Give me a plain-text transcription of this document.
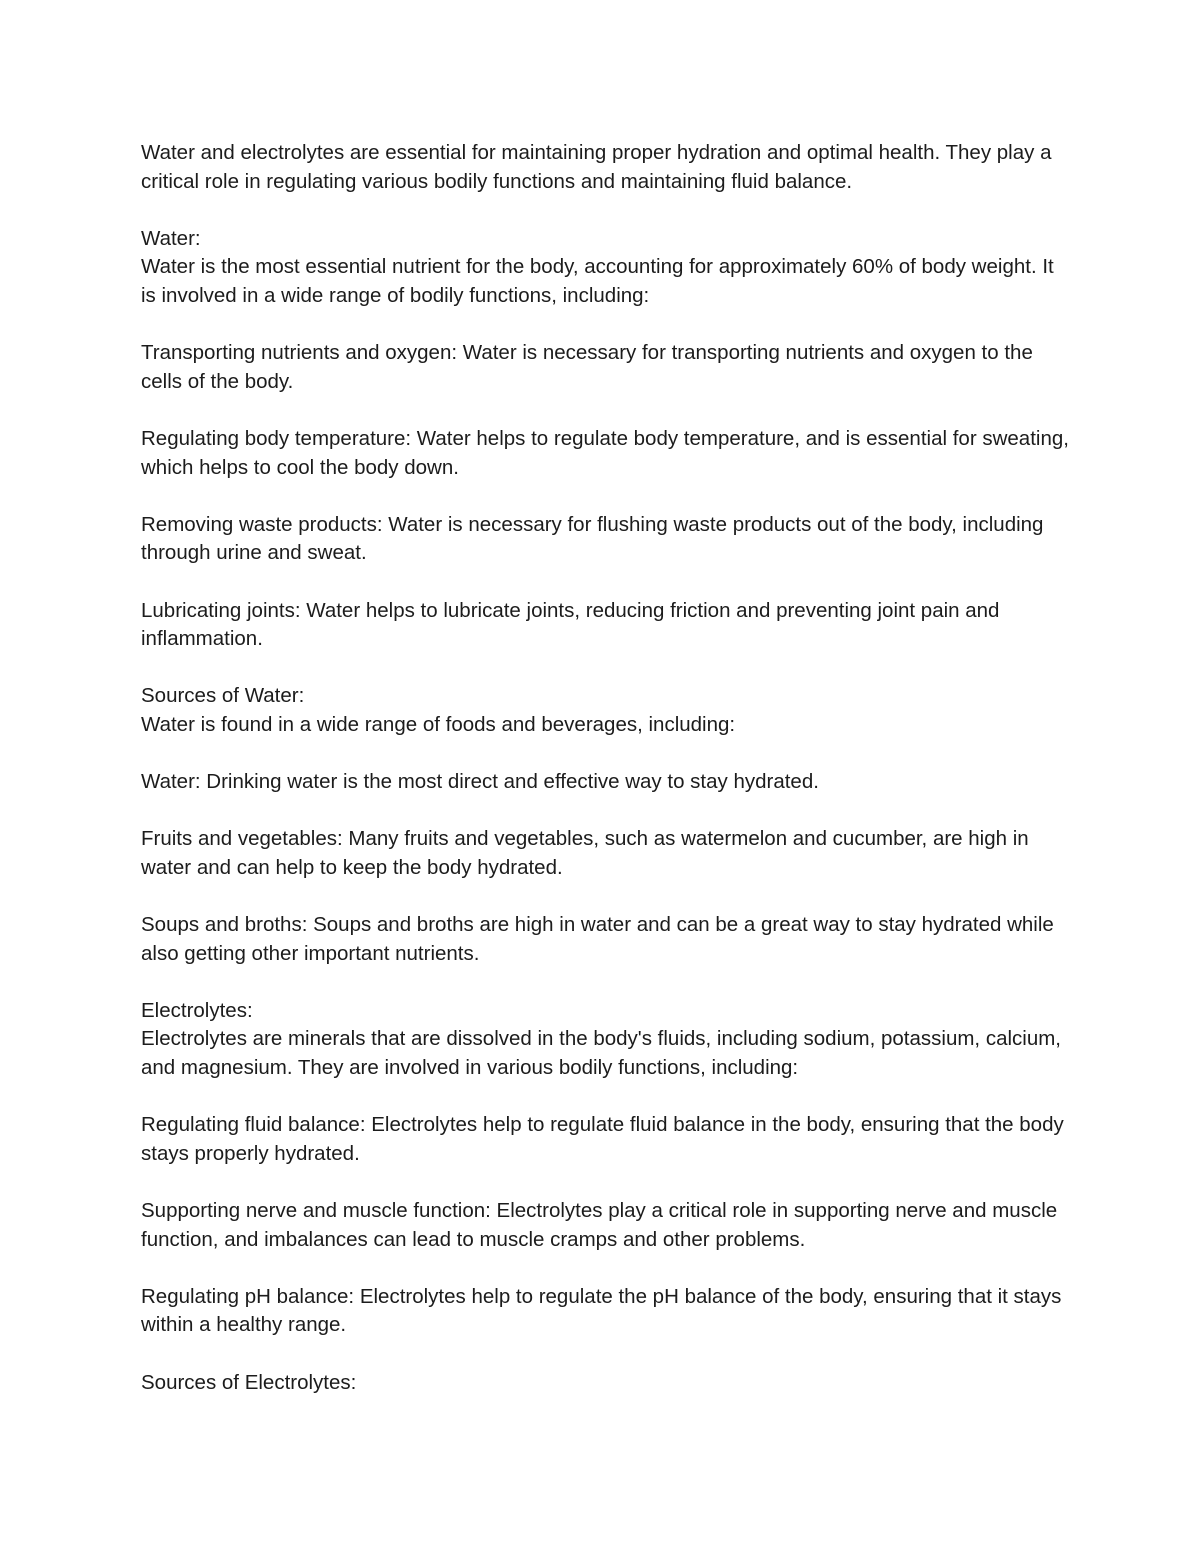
Water and electrolytes are essential for maintaining proper hydration and optimal health. They play a critical role in regulating various bodily functions and maintaining fluid balance.

Water:

Water is the most essential nutrient for the body, accounting for approximately 60% of body weight. It is involved in a wide range of bodily functions, including:

Transporting nutrients and oxygen: Water is necessary for transporting nutrients and oxygen to the cells of the body.

Regulating body temperature: Water helps to regulate body temperature, and is essential for sweating, which helps to cool the body down.

Removing waste products: Water is necessary for flushing waste products out of the body, including through urine and sweat.

Lubricating joints: Water helps to lubricate joints, reducing friction and preventing joint pain and inflammation.

Sources of Water:

Water is found in a wide range of foods and beverages, including:

Water: Drinking water is the most direct and effective way to stay hydrated.

Fruits and vegetables: Many fruits and vegetables, such as watermelon and cucumber, are high in water and can help to keep the body hydrated.

Soups and broths: Soups and broths are high in water and can be a great way to stay hydrated while also getting other important nutrients.

Electrolytes:

Electrolytes are minerals that are dissolved in the body's fluids, including sodium, potassium, calcium, and magnesium. They are involved in various bodily functions, including:

Regulating fluid balance: Electrolytes help to regulate fluid balance in the body, ensuring that the body stays properly hydrated.

Supporting nerve and muscle function: Electrolytes play a critical role in supporting nerve and muscle function, and imbalances can lead to muscle cramps and other problems.

Regulating pH balance: Electrolytes help to regulate the pH balance of the body, ensuring that it stays within a healthy range.

Sources of Electrolytes:
